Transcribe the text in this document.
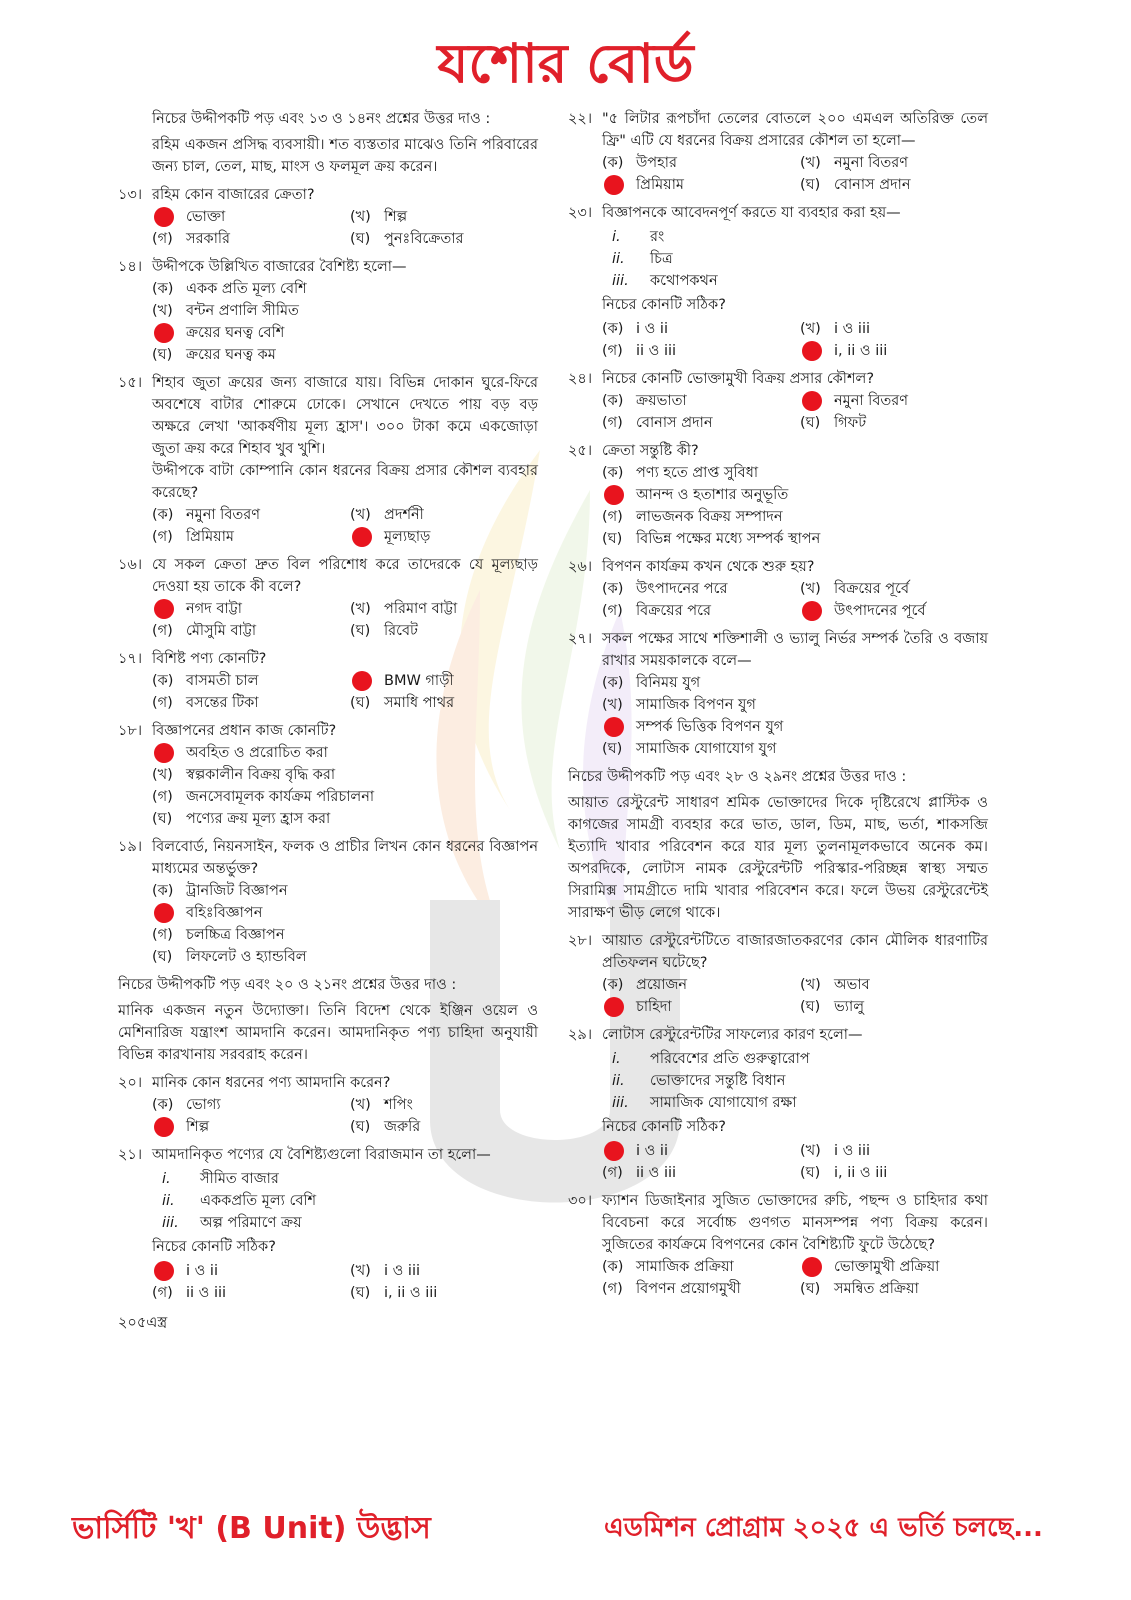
যশোর বোর্ড

নিচের উদ্দীপকটি পড় এবং ১৩ ও ১৪নং প্রশ্নের উত্তর দাও :

রহিম একজন প্রসিদ্ধ ব্যবসায়ী। শত ব্যস্ততার মাঝেও তিনি পরিবারের জন্য চাল, তেল, মাছ, মাংস ও ফলমূল ক্রয় করেন।

১৩। রহিম কোন বাজারের ক্রেতা?
ভোক্তা	(খ) শিল্প
(গ) সরকারি	(ঘ) পুনঃবিক্রেতার
১৪। উদ্দীপকে উল্লিখিত বাজারের বৈশিষ্ট্য হলো—
(ক) একক প্রতি মূল্য বেশি
(খ) বন্টন প্রণালি সীমিত
ক্রয়ের ঘনত্ব বেশি
(ঘ) ক্রয়ের ঘনত্ব কম
১৫। শিহাব জুতা ক্রয়ের জন্য বাজারে যায়। বিভিন্ন দোকান ঘুরে-ফিরে অবশেষে বাটার শোরুমে ঢোকে। সেখানে দেখতে পায় বড় বড় অক্ষরে লেখা 'আকর্ষণীয় মূল্য হ্রাস'। ৩০০ টাকা কমে একজোড়া জুতা ক্রয় করে শিহাব খুব খুশি।
উদ্দীপকে বাটা কোম্পানি কোন ধরনের বিক্রয় প্রসার কৌশল ব্যবহার করেছে?
(ক) নমুনা বিতরণ	(খ) প্রদর্শনী
(গ) প্রিমিয়াম	মূল্যছাড়
১৬। যে সকল ক্রেতা দ্রুত বিল পরিশোধ করে তাদেরকে যে মূল্যছাড় দেওয়া হয় তাকে কী বলে?
নগদ বাট্টা	(খ) পরিমাণ বাট্টা
(গ) মৌসুমি বাট্টা	(ঘ) রিবেট
১৭। বিশিষ্ট পণ্য কোনটি?
(ক) বাসমতী চাল	BMW গাড়ী
(গ) বসন্তের টিকা	(ঘ) সমাধি পাথর
১৮। বিজ্ঞাপনের প্রধান কাজ কোনটি?
অবহিত ও প্ররোচিত করা
(খ) স্বল্পকালীন বিক্রয় বৃদ্ধি করা
(গ) জনসেবামূলক কার্যক্রম পরিচালনা
(ঘ) পণ্যের ক্রয় মূল্য হ্রাস করা
১৯। বিলবোর্ড, নিয়নসাইন, ফলক ও প্রাচীর লিখন কোন ধরনের বিজ্ঞাপন মাধ্যমের অন্তর্ভুক্ত?
(ক) ট্রানজিট বিজ্ঞাপন
বহিঃবিজ্ঞাপন
(গ) চলচ্চিত্র বিজ্ঞাপন
(ঘ) লিফলেট ও হ্যান্ডবিল

নিচের উদ্দীপকটি পড় এবং ২০ ও ২১নং প্রশ্নের উত্তর দাও :

মানিক একজন নতুন উদ্যোক্তা। তিনি বিদেশ থেকে ইঞ্জিন ওয়েল ও মেশিনারিজ যন্ত্রাংশ আমদানি করেন। আমদানিকৃত পণ্য চাহিদা অনুযায়ী বিভিন্ন কারখানায় সরবরাহ করেন।

২০। মানিক কোন ধরনের পণ্য আমদানি করেন?
(ক) ভোগ্য	(খ) শপিং
শিল্প	(ঘ) জরুরি
২১। আমদানিকৃত পণ্যের যে বৈশিষ্ট্যগুলো বিরাজমান তা হলো—
i.	সীমিত বাজার
ii.	এককপ্রতি মূল্য বেশি
iii.	অল্প পরিমাণে ক্রয়
নিচের কোনটি সঠিক?
i ও ii	(খ) i ও iii
(গ) ii ও iii	(ঘ) i, ii ও iii
২০৫এস্ত্র
২২। "৫ লিটার রূপচাঁদা তেলের বোতলে ২০০ এমএল অতিরিক্ত তেল ফ্রি" এটি যে ধরনের বিক্রয় প্রসারের কৌশল তা হলো—
(ক) উপহার	(খ) নমুনা বিতরণ
প্রিমিয়াম	(ঘ) বোনাস প্রদান
২৩। বিজ্ঞাপনকে আবেদনপূর্ণ করতে যা ব্যবহার করা হয়—
i.	রং
ii.	চিত্র
iii.	কথোপকথন
নিচের কোনটি সঠিক?
(ক) i ও ii	(খ) i ও iii
(গ) ii ও iii	i, ii ও iii
২৪। নিচের কোনটি ভোক্তামুখী বিক্রয় প্রসার কৌশল?
(ক) ক্রয়ভাতা	নমুনা বিতরণ
(গ) বোনাস প্রদান	(ঘ) গিফট
২৫। ক্রেতা সন্তুষ্টি কী?
(ক) পণ্য হতে প্রাপ্ত সুবিধা
আনন্দ ও হতাশার অনুভূতি
(গ) লাভজনক বিক্রয় সম্পাদন
(ঘ) বিভিন্ন পক্ষের মধ্যে সম্পর্ক স্থাপন
২৬। বিপণন কার্যক্রম কখন থেকে শুরু হয়?
(ক) উৎপাদনের পরে	(খ) বিক্রয়ের পূর্বে
(গ) বিক্রয়ের পরে	উৎপাদনের পূর্বে
২৭। সকল পক্ষের সাথে শক্তিশালী ও ভ্যালু নির্ভর সম্পর্ক তৈরি ও বজায় রাখার সময়কালকে বলে—
(ক) বিনিময় যুগ
(খ) সামাজিক বিপণন যুগ
সম্পর্ক ভিত্তিক বিপণন যুগ
(ঘ) সামাজিক যোগাযোগ যুগ

নিচের উদ্দীপকটি পড় এবং ২৮ ও ২৯নং প্রশ্নের উত্তর দাও :

আয়াত রেস্টুরেন্ট সাধারণ শ্রমিক ভোক্তাদের দিকে দৃষ্টিরেখে প্লাস্টিক ও কাগজের সামগ্রী ব্যবহার করে ভাত, ডাল, ডিম, মাছ, ভর্তা, শাকসব্জি ইত্যাদি খাবার পরিবেশন করে যার মূল্য তুলনামূলকভাবে অনেক কম। অপরদিকে, লোটাস নামক রেস্টুরেন্টটি পরিস্কার-পরিচ্ছন্ন স্বাস্থ্য সম্মত সিরামিক্স সামগ্রীতে দামি খাবার পরিবেশন করে। ফলে উভয় রেস্টুরেন্টেই সারাক্ষণ ভীড় লেগে থাকে।

২৮। আয়াত রেস্টুরেন্টটিতে বাজারজাতকরণের কোন মৌলিক ধারণাটির প্রতিফলন ঘটেছে?
(ক) প্রয়োজন	(খ) অভাব
চাহিদা	(ঘ) ভ্যালু
২৯। লোটাস রেস্টুরেন্টটির সাফল্যের কারণ হলো—
i.	পরিবেশের প্রতি গুরুত্বারোপ
ii.	ভোক্তাদের সন্তুষ্টি বিধান
iii.	সামাজিক যোগাযোগ রক্ষা
নিচের কোনটি সঠিক?
i ও ii	(খ) i ও iii
(গ) ii ও iii	(ঘ) i, ii ও iii
৩০। ফ্যাশন ডিজাইনার সুজিত ভোক্তাদের রুচি, পছন্দ ও চাহিদার কথা বিবেচনা করে সর্বোচ্চ গুণগত মানসম্পন্ন পণ্য বিক্রয় করেন। সুজিতের কার্যক্রমে বিপণনের কোন বৈশিষ্ট্যটি ফুটে উঠেছে?
(ক) সামাজিক প্রক্রিয়া	ভোক্তামুখী প্রক্রিয়া
(গ) বিপণন প্রয়োগমুখী	(ঘ) সমন্বিত প্রক্রিয়া
ভার্সিটি 'খ' (B Unit) উদ্ভাস	এডমিশন প্রোগ্রাম ২০২৫ এ ভর্তি চলছে...
